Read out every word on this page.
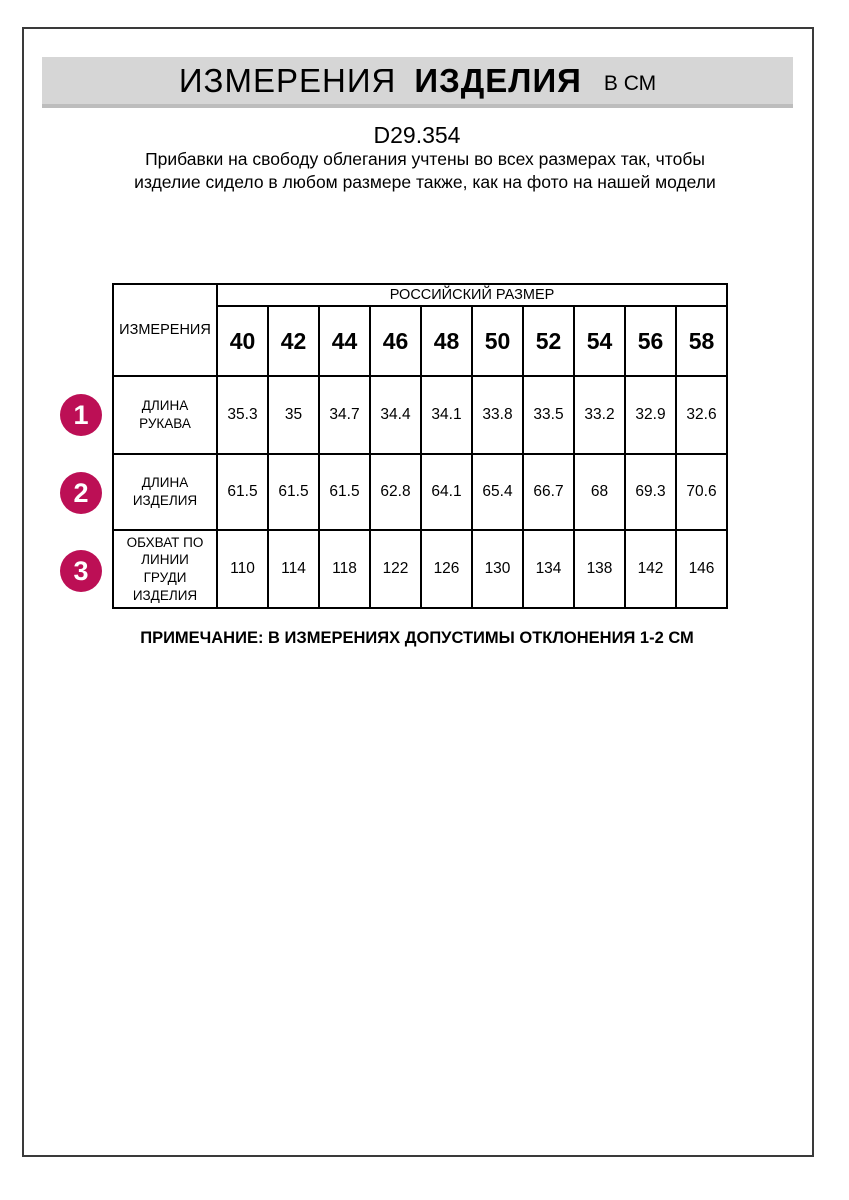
ИЗМЕРЕНИЯ ИЗДЕЛИЯ В СМ
D29.354
Прибавки на свободу облегания учтены во всех размерах так, чтобы изделие сидело в любом размере также, как на фото на нашей модели
ИЗМЕРЕНИЯ	РОССИЙСКИЙ РАЗМЕР									
	40	42	44	46	48	50	52	54	56	58
ДЛИНА РУКАВА	35.3	35	34.7	34.4	34.1	33.8	33.5	33.2	32.9	32.6
ДЛИНА ИЗДЕЛИЯ	61.5	61.5	61.5	62.8	64.1	65.4	66.7	68	69.3	70.6
ОБХВАТ ПО ЛИНИИ ГРУДИ ИЗДЕЛИЯ	110	114	118	122	126	130	134	138	142	146
1
2
3
ПРИМЕЧАНИЕ: В ИЗМЕРЕНИЯХ ДОПУСТИМЫ ОТКЛОНЕНИЯ 1-2 СМ
